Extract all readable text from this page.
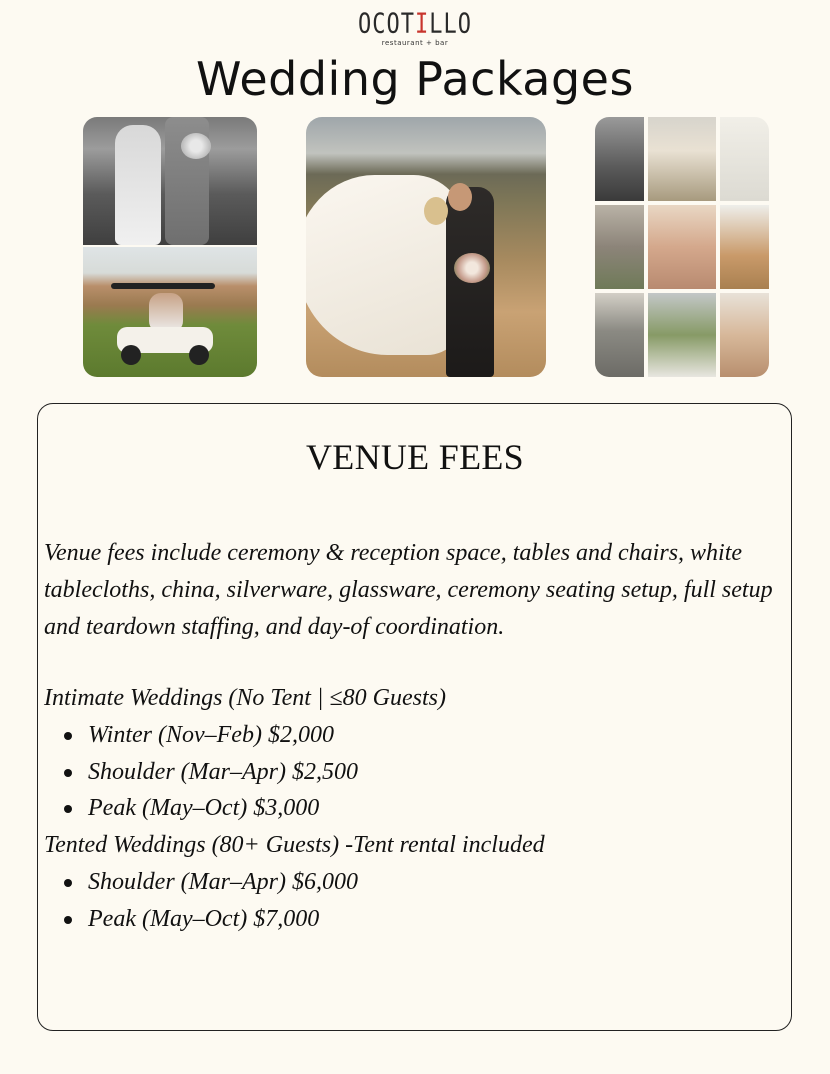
OCOTILLO
restaurant + bar
Wedding Packages
VENUE FEES

Venue fees include ceremony & reception space, tables and chairs, white tablecloths, china, silverware, glassware, ceremony seating setup, full setup and teardown staffing, and day-of coordination.

Intimate Weddings (No Tent | ≤80 Guests)

Winter (Nov–Feb) $2,000
Shoulder (Mar–Apr) $2,500
Peak (May–Oct) $3,000

Tented Weddings (80+ Guests) -Tent rental included

Shoulder (Mar–Apr) $6,000
Peak (May–Oct) $7,000
